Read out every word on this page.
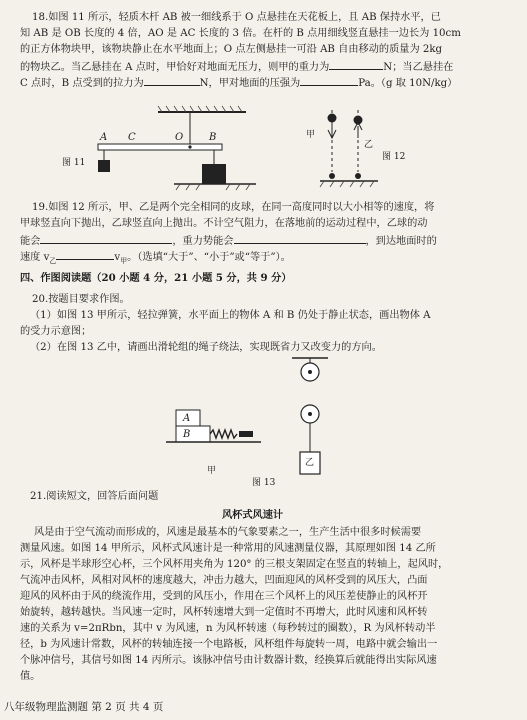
18.如图 11 所示，轻质木杆 AB 被一细线系于 O 点悬挂在天花板上，且 AB 保持水平，已
知 AB 是 OB 长度的 4 倍，AO 是 AC 长度的 3 倍。在杆的 B 点用细线竖直悬挂一边长为 10cm
的正方体物块甲，该物块静止在水平地面上；O 点左侧悬挂一可沿 AB 自由移动的质量为 2kg
的物块乙。当乙悬挂在 A 点时，甲恰好对地面无压力，则甲的重力为	N；当乙悬挂在
C 点时，B 点受到的拉力为	N，甲对地面的压强为	Pa。（g 取 10N/kg）
A C	O	B
图 11
甲
乙
图 12
19.如图 12 所示，甲、乙是两个完全相同的皮球，在同一高度同时以大小相等的速度，将
甲球竖直向下抛出，乙球竖直向上抛出。不计空气阻力，在落地前的运动过程中，乙球的动
能会	，重力势能会	，到达地面时的
速度 $v_乙$	$v_甲$。（选填“大于”、“小于”或“等于”）。
四、作图阅读题（20 小题 4 分，21 小题 5 分，共 9 分）
20.按题目要求作图。
（1）如图 13 甲所示，轻拉弹簧，水平面上的物体 A 和 B 仍处于静止状态，画出物体 A
的受力示意图；
（2）在图 13 乙中，请画出滑轮组的绳子绕法，实现既省力又改变力的方向。
A
B
乙
甲
图 13
21.阅读短文，回答后面问题
风杯式风速计
风是由于空气流动而形成的，风速是最基本的气象要素之一，生产生活中很多时候需要
测量风速。如图 14 甲所示，风杯式风速计是一种常用的风速测量仪器，其原理如图 14 乙所
示，风杯是半球形空心杯，三个风杯用夹角为 120° 的三根支架固定在竖直的转轴上，起风时，
气流冲击风杯，风相对风杯的速度越大，冲击力越大，凹面迎风的风杯受到的风压大，凸面
迎风的风杯由于风的绕流作用，受到的风压小，作用在三个风杯上的风压差使静止的风杯开
始旋转，越转越快。当风速一定时，风杯转速增大到一定值时不再增大，此时风速和风杯转
速的关系为 v=2πRbn，其中 v 为风速，n 为风杯转速（每秒转过的圈数），R 为风杯转动半
径，b 为风速计常数，风杯的转轴连接一个电路板，风杯组件每旋转一周，电路中就会输出一
个脉冲信号，其信号如图 14 丙所示。该脉冲信号由计数器计数，经换算后就能得出实际风速
值。
八年级物理监测题 第 2 页 共 4 页
